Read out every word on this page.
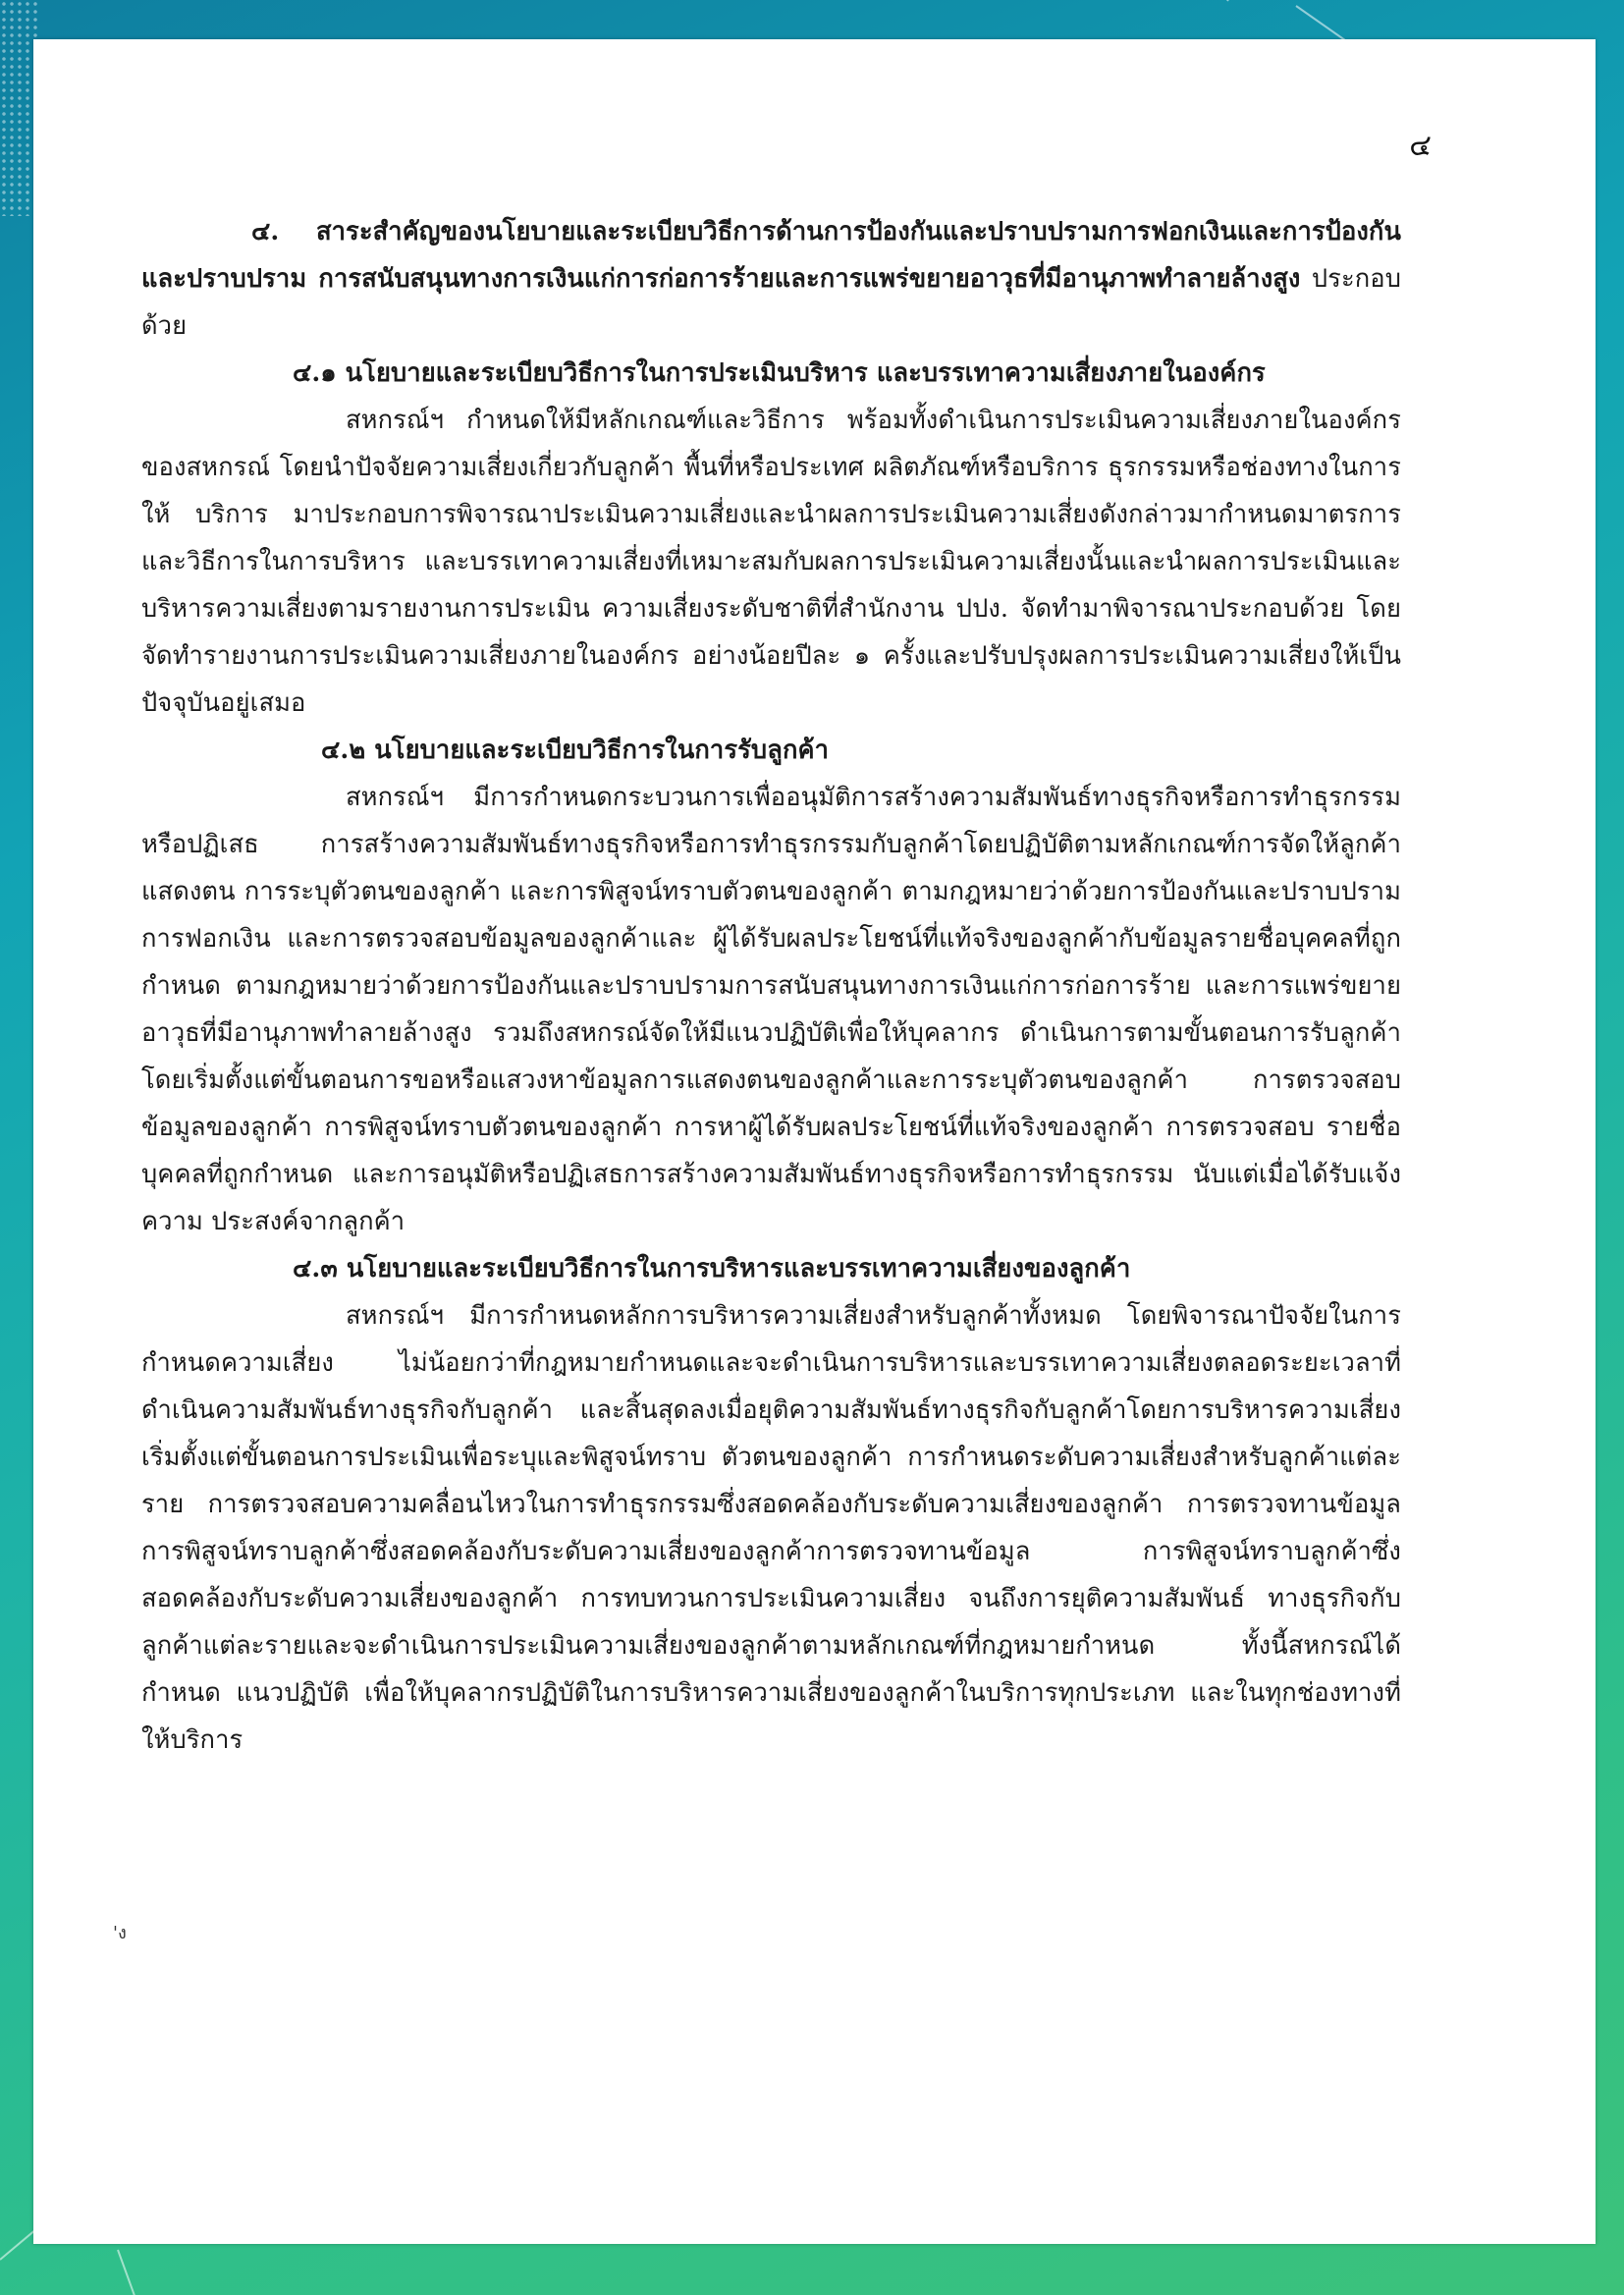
๔

๔. สาระสำคัญของนโยบายและระเบียบวิธีการด้านการป้องกันและปราบปรามการฟอกเงินและการป้องกันและปราบปราม การสนับสนุนทางการเงินแก่การก่อการร้ายและการแพร่ขยายอาวุธที่มีอานุภาพทำลายล้างสูง ประกอบด้วย

๔.๑ นโยบายและระเบียบวิธีการในการประเมินบริหาร และบรรเทาความเสี่ยงภายในองค์กร

สหกรณ์ฯ กำหนดให้มีหลักเกณฑ์และวิธีการ พร้อมทั้งดำเนินการประเมินความเสี่ยงภายในองค์กรของสหกรณ์ โดยนำปัจจัยความเสี่ยงเกี่ยวกับลูกค้า พื้นที่หรือประเทศ ผลิตภัณฑ์หรือบริการ ธุรกรรมหรือช่องทางในการให้ บริการ มาประกอบการพิจารณาประเมินความเสี่ยงและนำผลการประเมินความเสี่ยงดังกล่าวมากำหนดมาตรการและวิธีการในการบริหาร และบรรเทาความเสี่ยงที่เหมาะสมกับผลการประเมินความเสี่ยงนั้นและนำผลการประเมินและบริหารความเสี่ยงตามรายงานการประเมิน ความเสี่ยงระดับชาติที่สำนักงาน ปปง. จัดทำมาพิจารณาประกอบด้วย โดยจัดทำรายงานการประเมินความเสี่ยงภายในองค์กร อย่างน้อยปีละ ๑ ครั้งและปรับปรุงผลการประเมินความเสี่ยงให้เป็นปัจจุบันอยู่เสมอ

๔.๒ นโยบายและระเบียบวิธีการในการรับลูกค้า

สหกรณ์ฯ มีการกำหนดกระบวนการเพื่ออนุมัติการสร้างความสัมพันธ์ทางธุรกิจหรือการทำธุรกรรม หรือปฏิเสธ การสร้างความสัมพันธ์ทางธุรกิจหรือการทำธุรกรรมกับลูกค้าโดยปฏิบัติตามหลักเกณฑ์การจัดให้ลูกค้าแสดงตน การระบุตัวตนของลูกค้า และการพิสูจน์ทราบตัวตนของลูกค้า ตามกฎหมายว่าด้วยการป้องกันและปราบปรามการฟอกเงิน และการตรวจสอบข้อมูลของลูกค้าและ ผู้ได้รับผลประโยชน์ที่แท้จริงของลูกค้ากับข้อมูลรายชื่อบุคคลที่ถูกกำหนด ตามกฎหมายว่าด้วยการป้องกันและปราบปรามการสนับสนุนทางการเงินแก่การก่อการร้าย และการแพร่ขยายอาวุธที่มีอานุภาพทำลายล้างสูง รวมถึงสหกรณ์จัดให้มีแนวปฏิบัติเพื่อให้บุคลากร ดำเนินการตามขั้นตอนการรับลูกค้า โดยเริ่มตั้งแต่ขั้นตอนการขอหรือแสวงหาข้อมูลการแสดงตนของลูกค้าและการระบุตัวตนของลูกค้า การตรวจสอบข้อมูลของลูกค้า การพิสูจน์ทราบตัวตนของลูกค้า การหาผู้ได้รับผลประโยชน์ที่แท้จริงของลูกค้า การตรวจสอบ รายชื่อบุคคลที่ถูกกำหนด และการอนุมัติหรือปฏิเสธการสร้างความสัมพันธ์ทางธุรกิจหรือการทำธุรกรรม นับแต่เมื่อได้รับแจ้งความ ประสงค์จากลูกค้า

๔.๓ นโยบายและระเบียบวิธีการในการบริหารและบรรเทาความเสี่ยงของลูกค้า

สหกรณ์ฯ มีการกำหนดหลักการบริหารความเสี่ยงสำหรับลูกค้าทั้งหมด โดยพิจารณาปัจจัยในการกำหนดความเสี่ยง ไม่น้อยกว่าที่กฎหมายกำหนดและจะดำเนินการบริหารและบรรเทาความเสี่ยงตลอดระยะเวลาที่ดำเนินความสัมพันธ์ทางธุรกิจกับลูกค้า และสิ้นสุดลงเมื่อยุติความสัมพันธ์ทางธุรกิจกับลูกค้าโดยการบริหารความเสี่ยงเริ่มตั้งแต่ขั้นตอนการประเมินเพื่อระบุและพิสูจน์ทราบ ตัวตนของลูกค้า การกำหนดระดับความเสี่ยงสำหรับลูกค้าแต่ละราย การตรวจสอบความคลื่อนไหวในการทำธุรกรรมซึ่งสอดคล้องกับระดับความเสี่ยงของลูกค้า การตรวจทานข้อมูลการพิสูจน์ทราบลูกค้าซึ่งสอดคล้องกับระดับความเสี่ยงของลูกค้าการตรวจทานข้อมูล การพิสูจน์ทราบลูกค้าซึ่งสอดคล้องกับระดับความเสี่ยงของลูกค้า การทบทวนการประเมินความเสี่ยง จนถึงการยุติความสัมพันธ์ ทางธุรกิจกับลูกค้าแต่ละรายและจะดำเนินการประเมินความเสี่ยงของลูกค้าตามหลักเกณฑ์ที่กฎหมายกำหนด ทั้งนี้สหกรณ์ได้กำหนด แนวปฏิบัติ เพื่อให้บุคลากรปฏิบัติในการบริหารความเสี่ยงของลูกค้าในบริการทุกประเภท และในทุกช่องทางที่ให้บริการ

'ง
